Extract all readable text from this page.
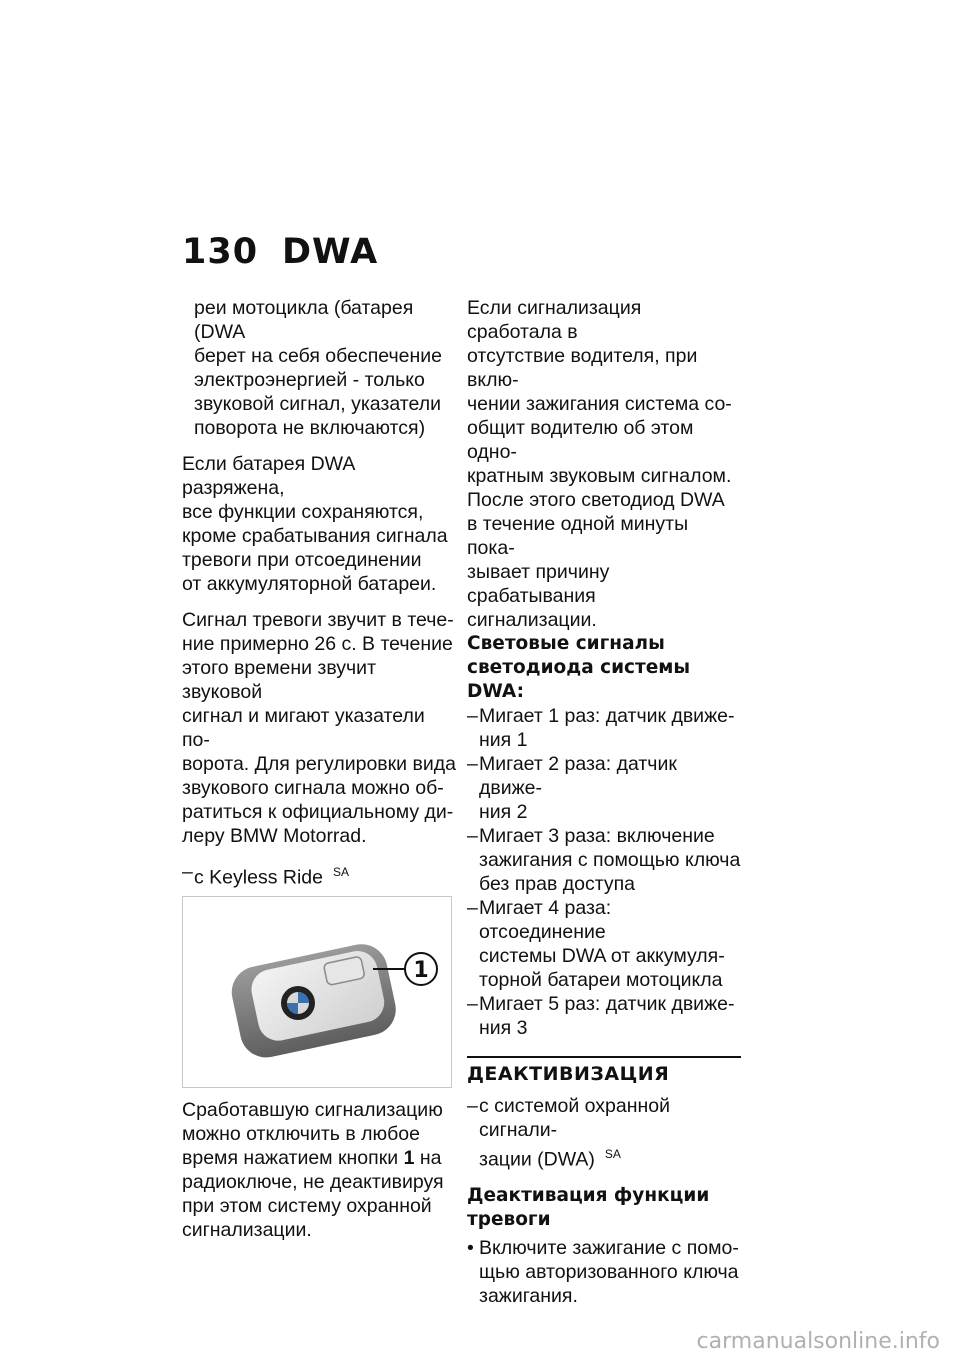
130 DWA
реи мотоцикла (батарея (DWA
берет на себя обеспечение
электроэнергией - только
звуковой сигнал, указатели
поворота не включаются)
Если батарея DWA разряжена,
все функции сохраняются,
кроме срабатывания сигнала
тревоги при отсоединении
от аккумуляторной батареи.
Сигнал тревоги звучит в тече-
ние примерно 26 с. В течение
этого времени звучит звуковой
сигнал и мигают указатели по-
ворота. Для регулировки вида
звукового сигнала можно об-
ратиться к официальному ди-
леру BMW Motorrad.
– с Keyless Ride $^{SA}$
1
Сработавшую сигнализацию
можно отключить в любое
время нажатием кнопки 1 на
радиоключе, не деактивируя
при этом систему охранной
сигнализации.
Если сигнализация сработала в
отсутствие водителя, при вклю-
чении зажигания система со-
общит водителю об этом одно-
кратным звуковым сигналом.
После этого светодиод DWA
в течение одной минуты пока-
зывает причину срабатывания
сигнализации.
Световые сигналы
светодиода системы DWA:
– Мигает 1 раз: датчик движе-
ния 1
– Мигает 2 раза: датчик движе-
ния 2
– Мигает 3 раза: включение
зажигания с помощью ключа
без прав доступа
– Мигает 4 раза: отсоединение
системы DWA от аккумуля-
торной батареи мотоцикла
– Мигает 5 раз: датчик движе-
ния 3
ДЕАКТИВИЗАЦИЯ
– с системой охранной сигнали-
зации (DWA) $^{SA}$
Деактивация функции
тревоги
• Включите зажигание с помо-
щью авторизованного ключа
зажигания.
carmanualsonline.info
